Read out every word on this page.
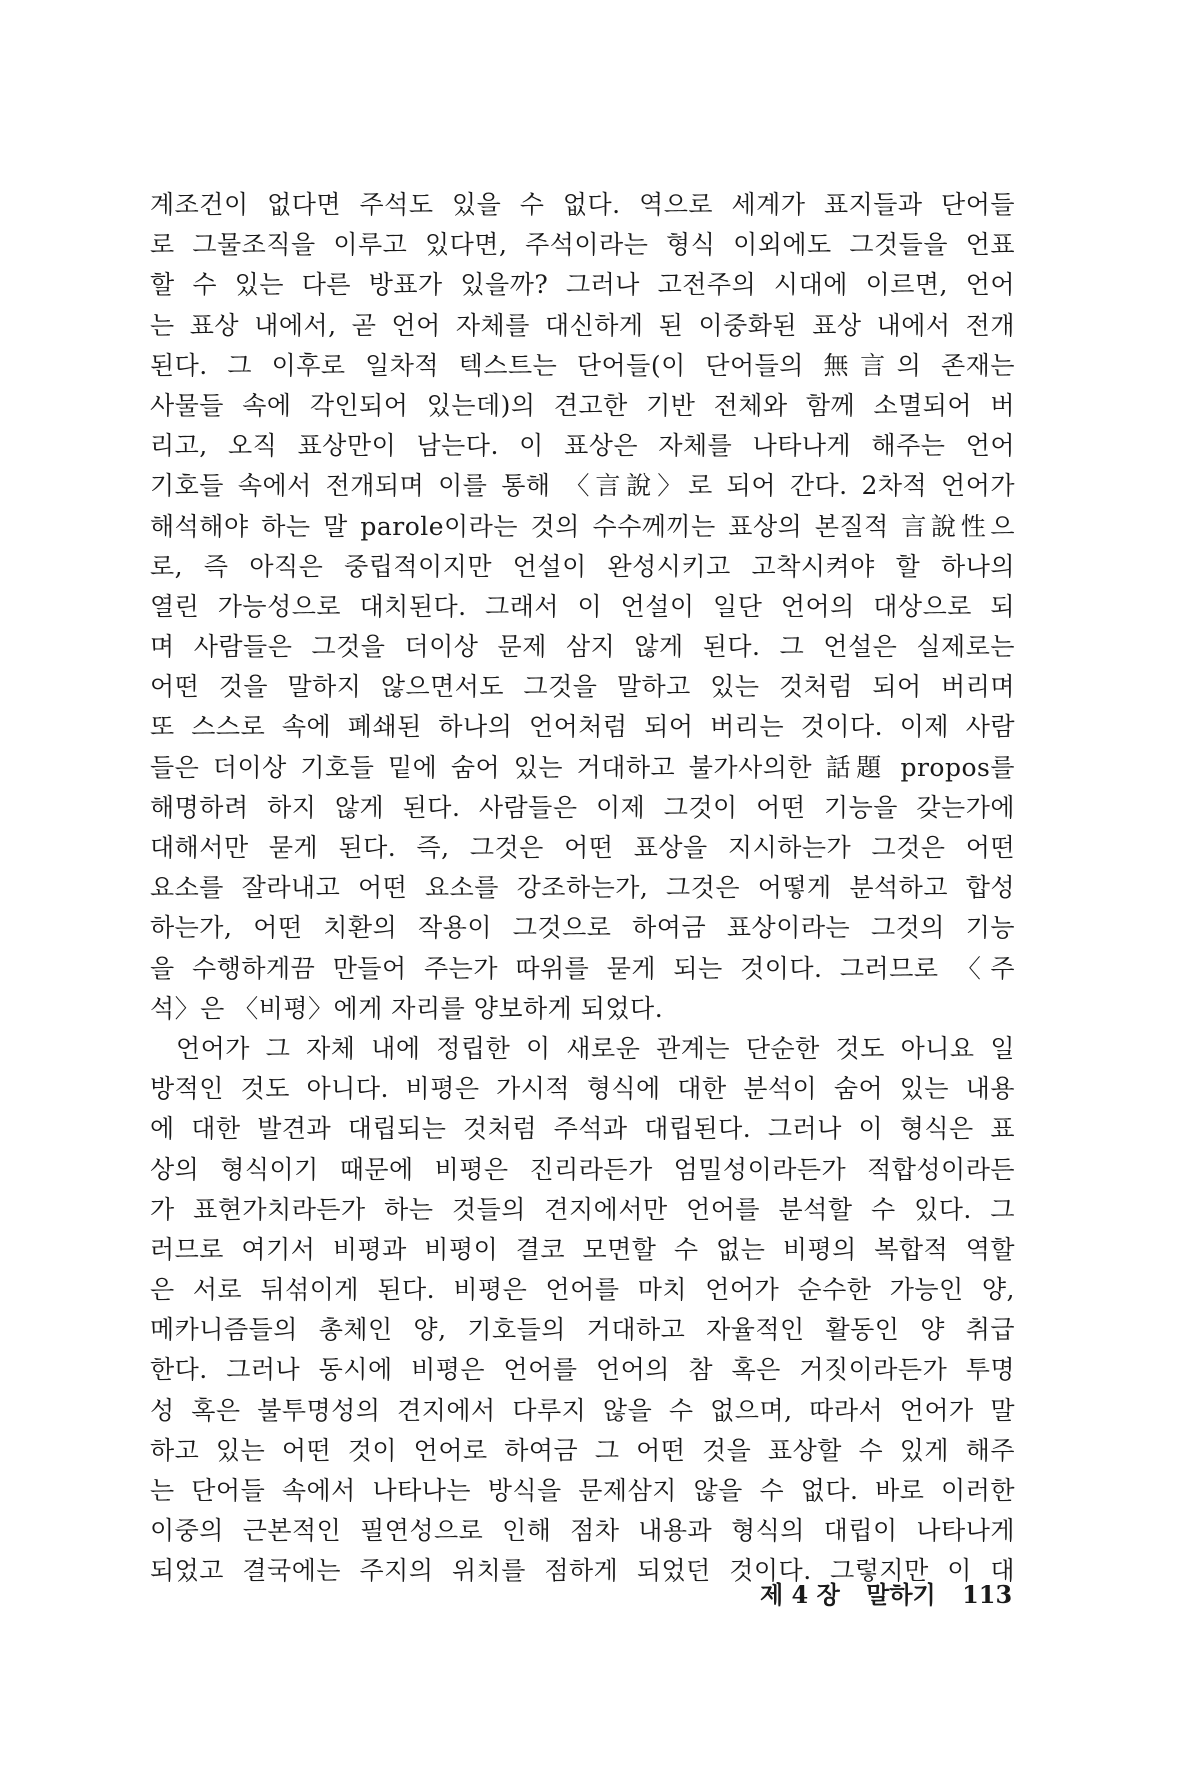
계조건이 없다면 주석도 있을 수 없다. 역으로 세계가 표지들과 단어들
로 그물조직을 이루고 있다면, 주석이라는 형식 이외에도 그것들을 언표
할 수 있는 다른 방표가 있을까? 그러나 고전주의 시대에 이르면, 언어
는 표상 내에서, 곧 언어 자체를 대신하게 된 이중화된 표상 내에서 전개
된다. 그 이후로 일차적 텍스트는 단어들(이 단어들의 無言의 존재는
사물들 속에 각인되어 있는데)의 견고한 기반 전체와 함께 소멸되어 버
리고, 오직 표상만이 남는다. 이 표상은 자체를 나타나게 해주는 언어
기호들 속에서 전개되며 이를 통해 〈言說〉로 되어 간다. 2차적 언어가
해석해야 하는 말 parole이라는 것의 수수께끼는 표상의 본질적 言說性으
로, 즉 아직은 중립적이지만 언설이 완성시키고 고착시켜야 할 하나의
열린 가능성으로 대치된다. 그래서 이 언설이 일단 언어의 대상으로 되
며 사람들은 그것을 더이상 문제 삼지 않게 된다. 그 언설은 실제로는
어떤 것을 말하지 않으면서도 그것을 말하고 있는 것처럼 되어 버리며
또 스스로 속에 폐쇄된 하나의 언어처럼 되어 버리는 것이다. 이제 사람
들은 더이상 기호들 밑에 숨어 있는 거대하고 불가사의한 話題 propos를
해명하려 하지 않게 된다. 사람들은 이제 그것이 어떤 기능을 갖는가에
대해서만 묻게 된다. 즉, 그것은 어떤 표상을 지시하는가 그것은 어떤
요소를 잘라내고 어떤 요소를 강조하는가, 그것은 어떻게 분석하고 합성
하는가, 어떤 치환의 작용이 그것으로 하여금 표상이라는 그것의 기능
을 수행하게끔 만들어 주는가 따위를 묻게 되는 것이다. 그러므로 〈주
석〉은 〈비평〉에게 자리를 양보하게 되었다.
언어가 그 자체 내에 정립한 이 새로운 관계는 단순한 것도 아니요 일
방적인 것도 아니다. 비평은 가시적 형식에 대한 분석이 숨어 있는 내용
에 대한 발견과 대립되는 것처럼 주석과 대립된다. 그러나 이 형식은 표
상의 형식이기 때문에 비평은 진리라든가 엄밀성이라든가 적합성이라든
가 표현가치라든가 하는 것들의 견지에서만 언어를 분석할 수 있다. 그
러므로 여기서 비평과 비평이 결코 모면할 수 없는 비평의 복합적 역할
은 서로 뒤섞이게 된다. 비평은 언어를 마치 언어가 순수한 가능인 양,
메카니즘들의 총체인 양, 기호들의 거대하고 자율적인 활동인 양 취급
한다. 그러나 동시에 비평은 언어를 언어의 참 혹은 거짓이라든가 투명
성 혹은 불투명성의 견지에서 다루지 않을 수 없으며, 따라서 언어가 말
하고 있는 어떤 것이 언어로 하여금 그 어떤 것을 표상할 수 있게 해주
는 단어들 속에서 나타나는 방식을 문제삼지 않을 수 없다. 바로 이러한
이중의 근본적인 필연성으로 인해 점차 내용과 형식의 대립이 나타나게
되었고 결국에는 주지의 위치를 점하게 되었던 것이다. 그렇지만 이 대
제 4 장 말하기 113
